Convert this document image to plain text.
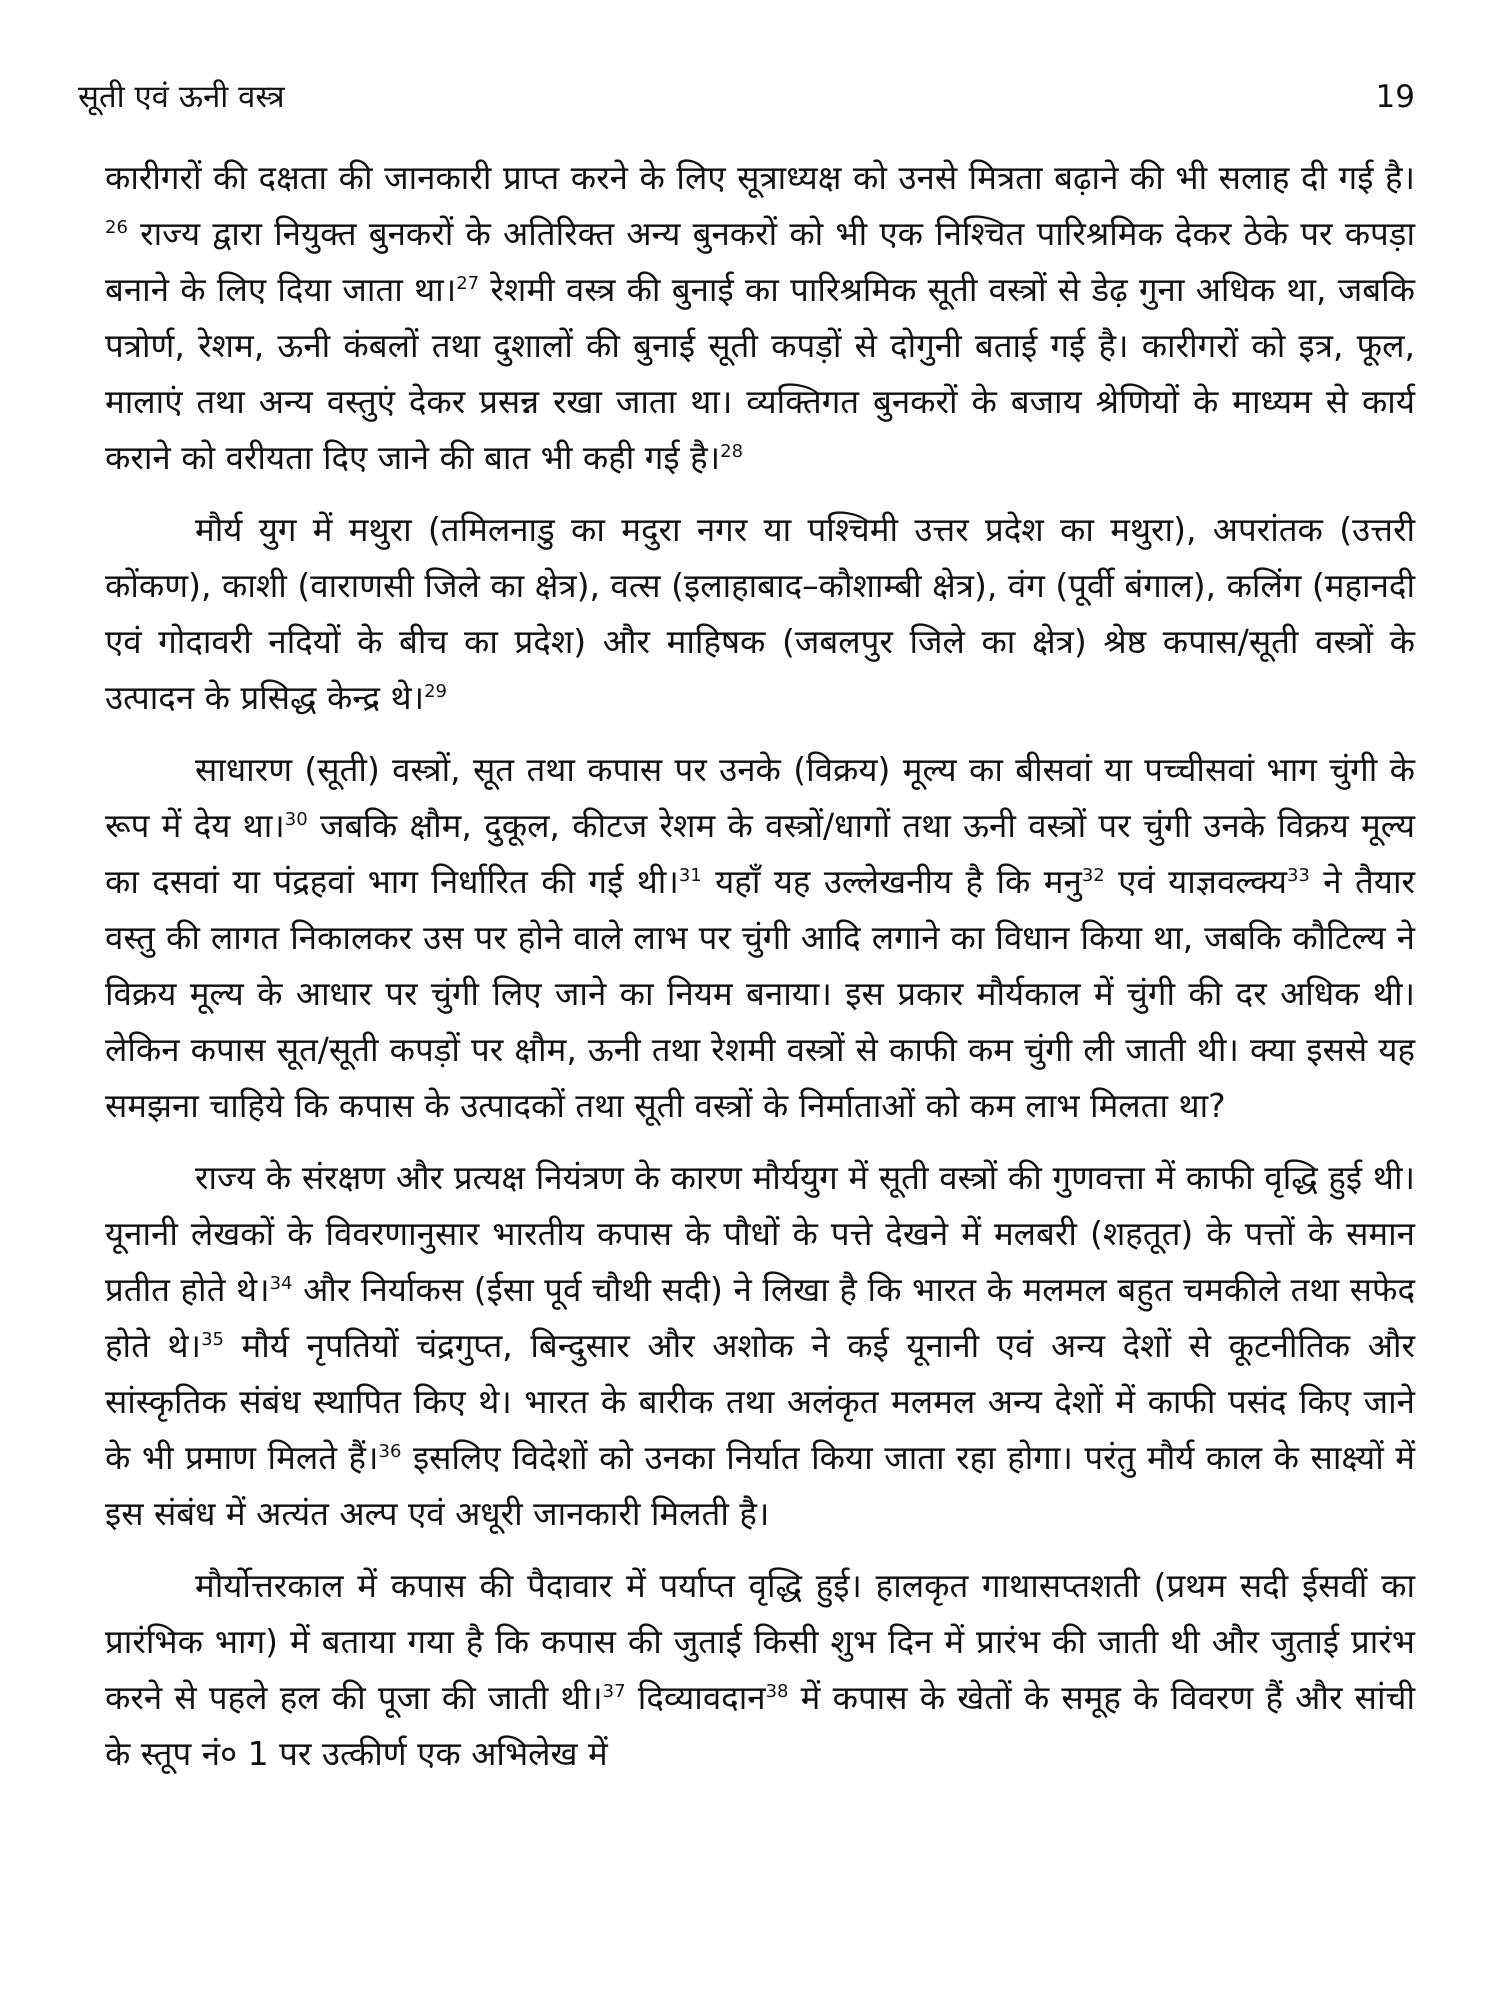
सूती एवं ऊनी वस्त्र	19

कारीगरों की दक्षता की जानकारी प्राप्त करने के लिए सूत्राध्यक्ष को उनसे मित्रता बढ़ाने की भी सलाह दी गई है।$^{26}$ राज्य द्वारा नियुक्त बुनकरों के अतिरिक्त अन्य बुनकरों को भी एक निश्चित पारिश्रमिक देकर ठेके पर कपड़ा बनाने के लिए दिया जाता था।$^{27}$ रेशमी वस्त्र की बुनाई का पारिश्रमिक सूती वस्त्रों से डेढ़ गुना अधिक था, जबकि पत्रोर्ण, रेशम, ऊनी कंबलों तथा दुशालों की बुनाई सूती कपड़ों से दोगुनी बताई गई है। कारीगरों को इत्र, फूल, मालाएं तथा अन्य वस्तुएं देकर प्रसन्न रखा जाता था। व्यक्तिगत बुनकरों के बजाय श्रेणियों के माध्यम से कार्य कराने को वरीयता दिए जाने की बात भी कही गई है।$^{28}$

मौर्य युग में मथुरा (तमिलनाडु का मदुरा नगर या पश्चिमी उत्तर प्रदेश का मथुरा), अपरांतक (उत्तरी कोंकण), काशी (वाराणसी जिले का क्षेत्र), वत्स (इलाहाबाद–कौशाम्बी क्षेत्र), वंग (पूर्वी बंगाल), कलिंग (महानदी एवं गोदावरी नदियों के बीच का प्रदेश) और माहिषक (जबलपुर जिले का क्षेत्र) श्रेष्ठ कपास/सूती वस्त्रों के उत्पादन के प्रसिद्ध केन्द्र थे।$^{29}$

साधारण (सूती) वस्त्रों, सूत तथा कपास पर उनके (विक्रय) मूल्य का बीसवां या पच्चीसवां भाग चुंगी के रूप में देय था।$^{30}$ जबकि क्षौम, दुकूल, कीटज रेशम के वस्त्रों/धागों तथा ऊनी वस्त्रों पर चुंगी उनके विक्रय मूल्य का दसवां या पंद्रहवां भाग निर्धारित की गई थी।$^{31}$ यहाँ यह उल्लेखनीय है कि मनु$^{32}$ एवं याज्ञवल्क्य$^{33}$ ने तैयार वस्तु की लागत निकालकर उस पर होने वाले लाभ पर चुंगी आदि लगाने का विधान किया था, जबकि कौटिल्य ने विक्रय मूल्य के आधार पर चुंगी लिए जाने का नियम बनाया। इस प्रकार मौर्यकाल में चुंगी की दर अधिक थी। लेकिन कपास सूत/सूती कपड़ों पर क्षौम, ऊनी तथा रेशमी वस्त्रों से काफी कम चुंगी ली जाती थी। क्या इससे यह समझना चाहिये कि कपास के उत्पादकों तथा सूती वस्त्रों के निर्माताओं को कम लाभ मिलता था?

राज्य के संरक्षण और प्रत्यक्ष नियंत्रण के कारण मौर्ययुग में सूती वस्त्रों की गुणवत्ता में काफी वृद्धि हुई थी। यूनानी लेखकों के विवरणानुसार भारतीय कपास के पौधों के पत्ते देखने में मलबरी (शहतूत) के पत्तों के समान प्रतीत होते थे।$^{34}$ और निर्याकस (ईसा पूर्व चौथी सदी) ने लिखा है कि भारत के मलमल बहुत चमकीले तथा सफेद होते थे।$^{35}$ मौर्य नृपतियों चंद्रगुप्त, बिन्दुसार और अशोक ने कई यूनानी एवं अन्य देशों से कूटनीतिक और सांस्कृतिक संबंध स्थापित किए थे। भारत के बारीक तथा अलंकृत मलमल अन्य देशों में काफी पसंद किए जाने के भी प्रमाण मिलते हैं।$^{36}$ इसलिए विदेशों को उनका निर्यात किया जाता रहा होगा। परंतु मौर्य काल के साक्ष्यों में इस संबंध में अत्यंत अल्प एवं अधूरी जानकारी मिलती है।

मौर्योत्तरकाल में कपास की पैदावार में पर्याप्त वृद्धि हुई। हालकृत गाथासप्तशती (प्रथम सदी ईसवीं का प्रारंभिक भाग) में बताया गया है कि कपास की जुताई किसी शुभ दिन में प्रारंभ की जाती थी और जुताई प्रारंभ करने से पहले हल की पूजा की जाती थी।$^{37}$ दिव्यावदान$^{38}$ में कपास के खेतों के समूह के विवरण हैं और सांची के स्तूप नं० 1 पर उत्कीर्ण एक अभिलेख में
